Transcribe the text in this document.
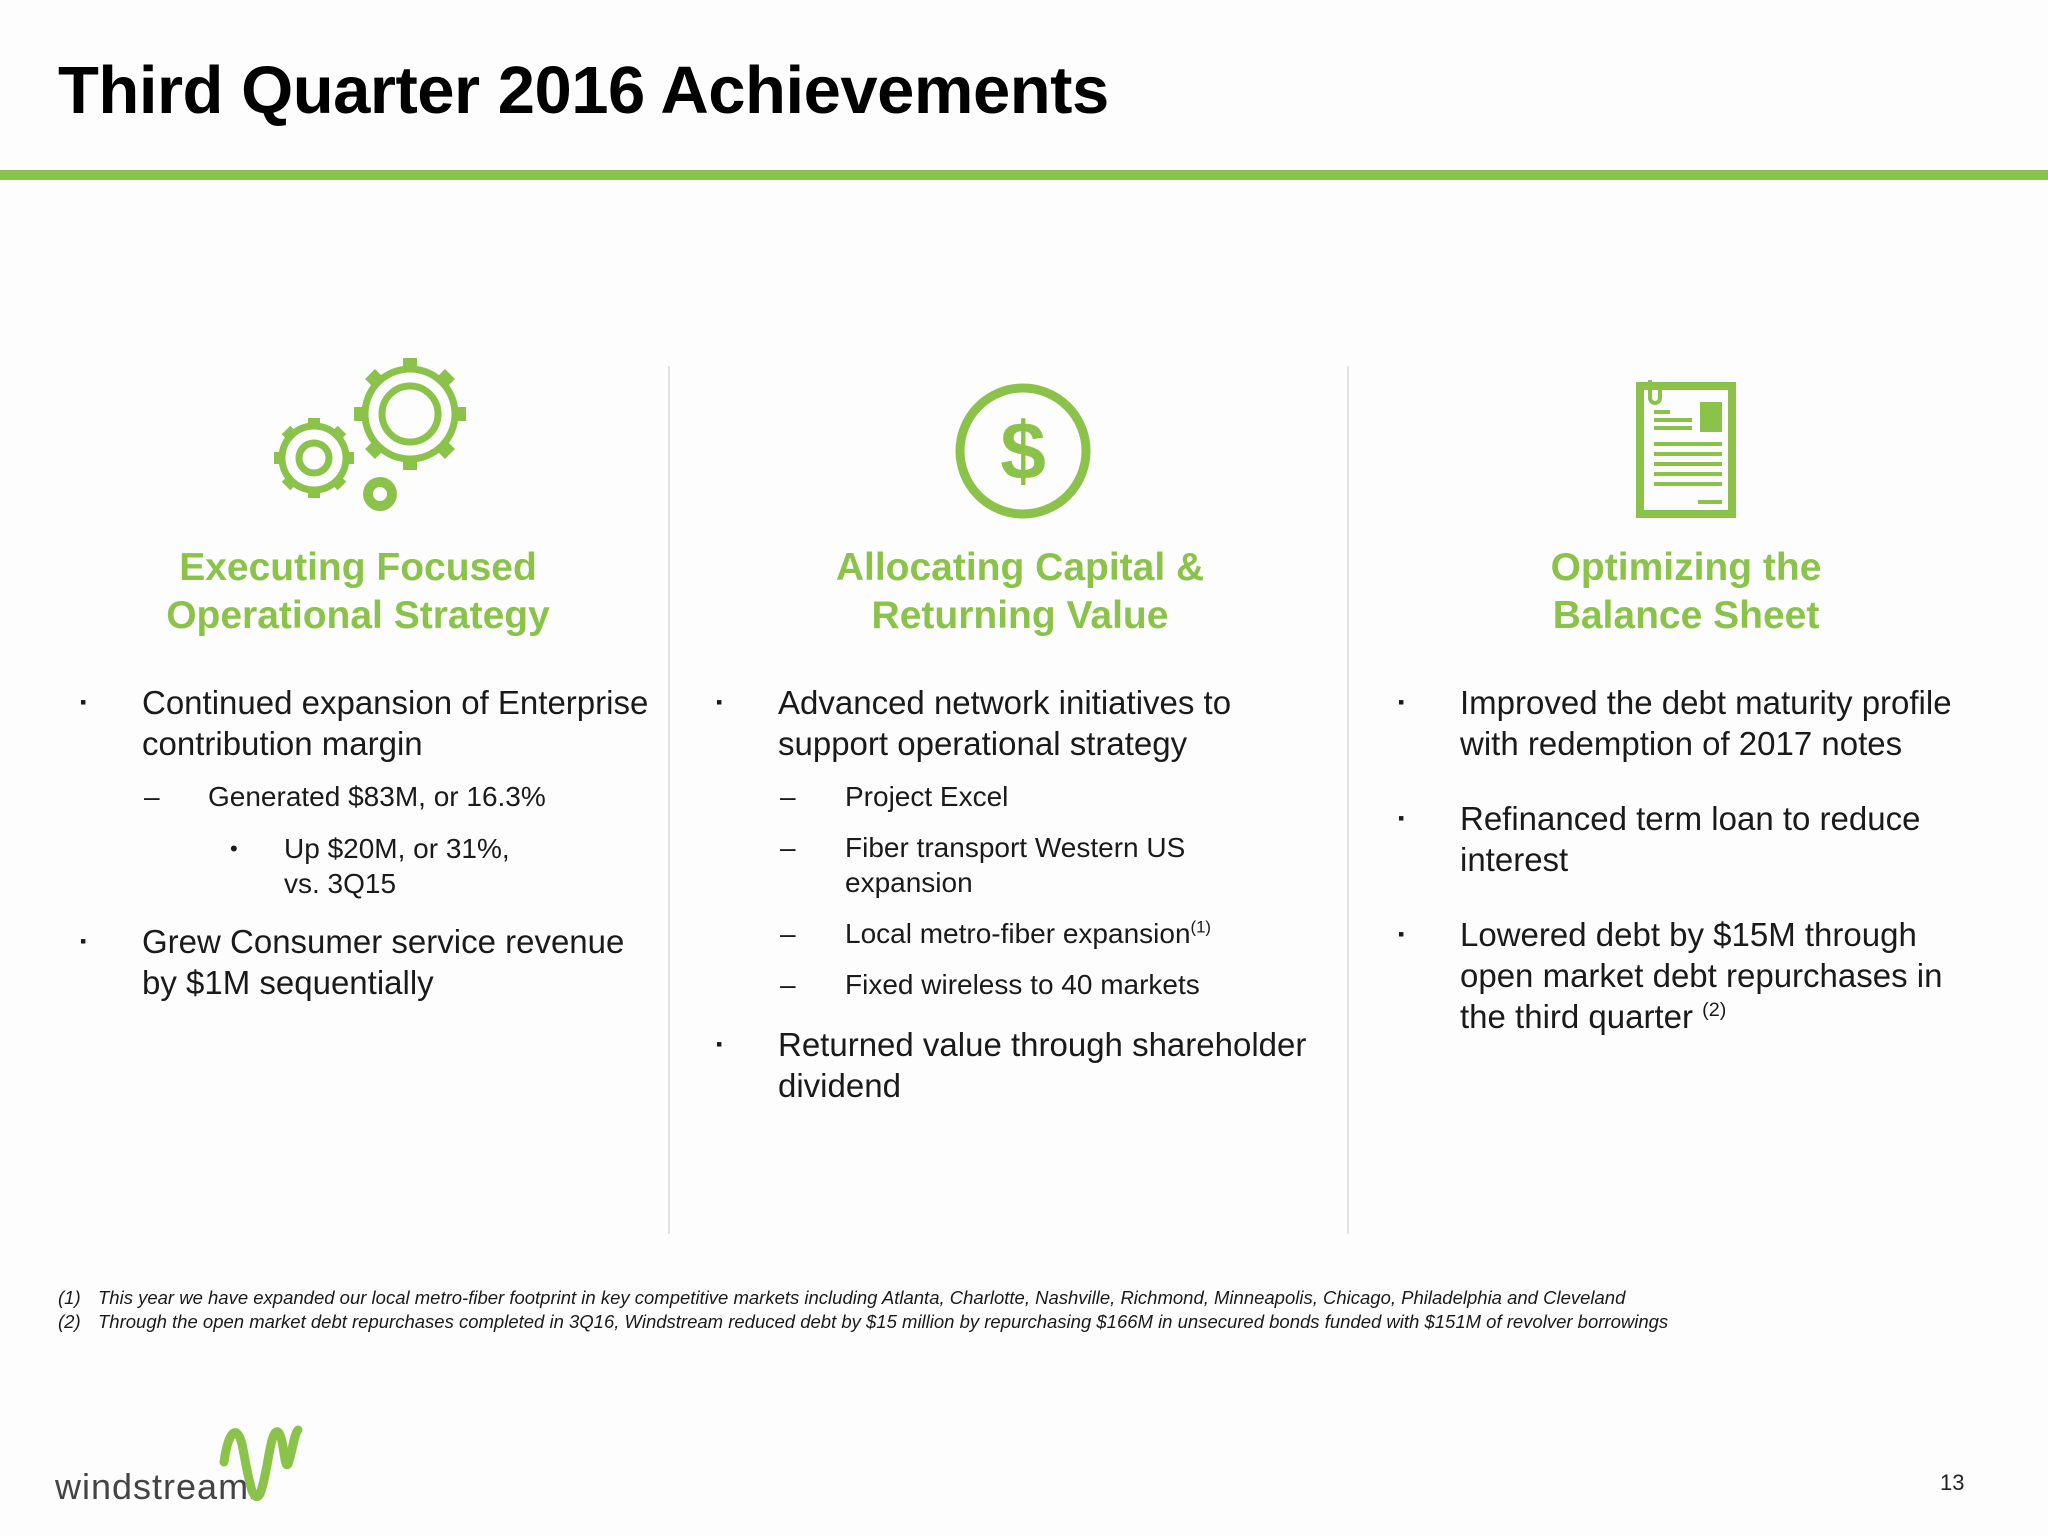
Third Quarter 2016 Achievements
Executing Focused
Operational Strategy
▪ Continued expansion of Enterprise contribution margin
– Generated $83M, or 16.3%
• Up $20M, or 31%, vs. 3Q15
▪ Grew Consumer service revenue by $1M sequentially
$
Allocating Capital &
Returning Value
▪ Advanced network initiatives to support operational strategy
– Project Excel
– Fiber transport Western US expansion
– Local metro-fiber expansion$^{(1)}$
– Fixed wireless to 40 markets
▪ Returned value through shareholder dividend
Optimizing the
Balance Sheet
▪ Improved the debt maturity profile with redemption of 2017 notes
▪ Refinanced term loan to reduce interest
▪ Lowered debt by $15M through open market debt repurchases in the third quarter $^{(2)}$
(1) This year we have expanded our local metro-fiber footprint in key competitive markets including Atlanta, Charlotte, Nashville, Richmond, Minneapolis, Chicago, Philadelphia and Cleveland
(2) Through the open market debt repurchases completed in 3Q16, Windstream reduced debt by $15 million by repurchasing $166M in unsecured bonds funded with $151M of revolver borrowings
windstream.	13
